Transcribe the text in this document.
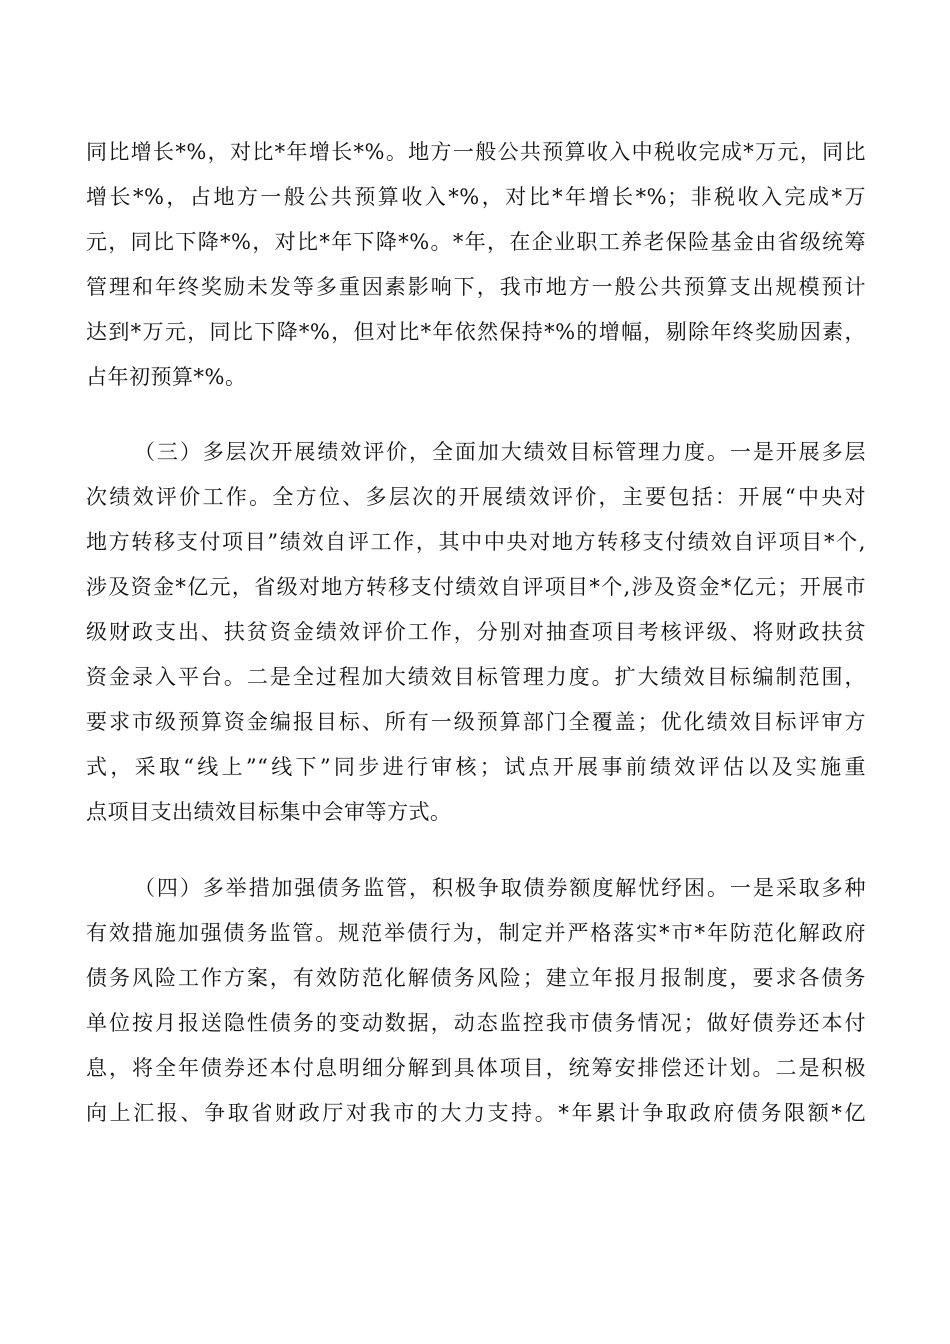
同比增长*%，对比*年增长*%。地方一般公共预算收入中税收完成*万元，同比
增长*%，占地方一般公共预算收入*%，对比*年增长*%；非税收入完成*万
元，同比下降*%，对比*年下降*%。*年，在企业职工养老保险基金由省级统筹
管理和年终奖励未发等多重因素影响下，我市地方一般公共预算支出规模预计
达到*万元，同比下降*%，但对比*年依然保持*%的增幅，剔除年终奖励因素，
占年初预算*%。
（三）多层次开展绩效评价，全面加大绩效目标管理力度。一是开展多层
次绩效评价工作。全方位、多层次的开展绩效评价，主要包括：开展“中央对
地方转移支付项目”绩效自评工作，其中中央对地方转移支付绩效自评项目*个,
涉及资金*亿元，省级对地方转移支付绩效自评项目*个,涉及资金*亿元；开展市
级财政支出、扶贫资金绩效评价工作，分别对抽查项目考核评级、将财政扶贫
资金录入平台。二是全过程加大绩效目标管理力度。扩大绩效目标编制范围，
要求市级预算资金编报目标、所有一级预算部门全覆盖；优化绩效目标评审方
式，采取“线上”“线下”同步进行审核；试点开展事前绩效评估以及实施重
点项目支出绩效目标集中会审等方式。
（四）多举措加强债务监管，积极争取债券额度解忧纾困。一是采取多种
有效措施加强债务监管。规范举债行为，制定并严格落实*市*年防范化解政府
债务风险工作方案，有效防范化解债务风险；建立年报月报制度，要求各债务
单位按月报送隐性债务的变动数据，动态监控我市债务情况；做好债券还本付
息，将全年债券还本付息明细分解到具体项目，统筹安排偿还计划。二是积极
向上汇报、争取省财政厅对我市的大力支持。*年累计争取政府债务限额*亿
